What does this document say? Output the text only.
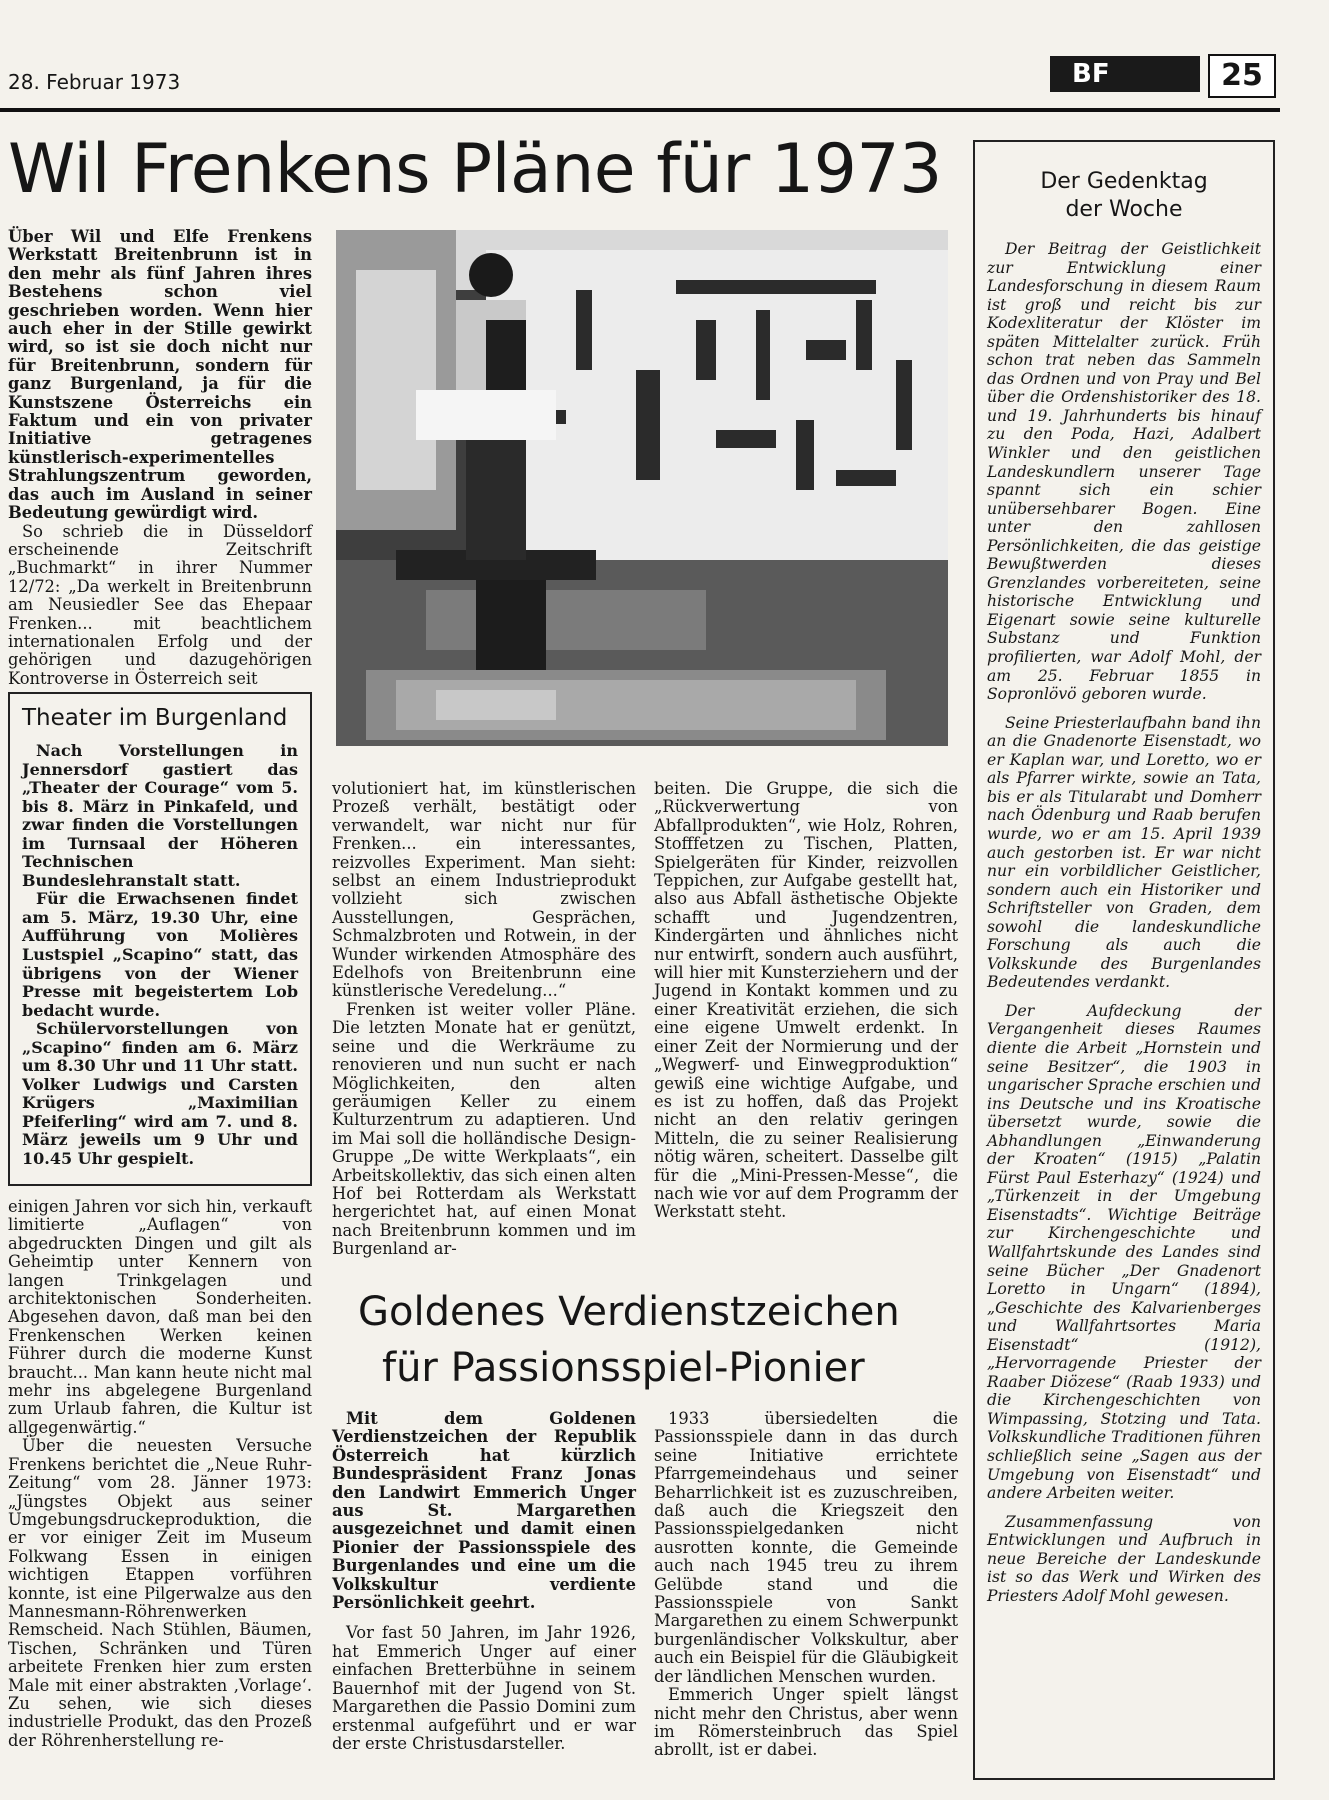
28. Februar 1973	BF	25
Wil Frenkens Pläne für 1973

Über Wil und Elfe Frenkens Werkstatt Breitenbrunn ist in den mehr als fünf Jahren ihres Bestehens schon viel geschrieben worden. Wenn hier auch eher in der Stille gewirkt wird, so ist sie doch nicht nur für Breitenbrunn, sondern für ganz Burgenland, ja für die Kunstszene Österreichs ein Faktum und ein von privater Initiative getragenes künstlerisch-experimentelles Strahlungszentrum geworden, das auch im Ausland in seiner Bedeutung gewürdigt wird.

So schrieb die in Düsseldorf erscheinende Zeitschrift „Buchmarkt“ in ihrer Nummer 12/72: „Da werkelt in Breitenbrunn am Neusiedler See das Ehepaar Frenken... mit beachtlichem internationalen Erfolg und der gehörigen und dazugehörigen Kontroverse in Österreich seit

Theater im Burgenland

Nach Vorstellungen in Jennersdorf gastiert das „Theater der Courage“ vom 5. bis 8. März in Pinkafeld, und zwar finden die Vorstellungen im Turnsaal der Höheren Technischen Bundeslehranstalt statt.

Für die Erwachsenen findet am 5. März, 19.30 Uhr, eine Aufführung von Molières Lustspiel „Scapino“ statt, das übrigens von der Wiener Presse mit begeistertem Lob bedacht wurde.

Schülervorstellungen von „Scapino“ finden am 6. März um 8.30 Uhr und 11 Uhr statt. Volker Ludwigs und Carsten Krügers „Maximilian Pfeiferling“ wird am 7. und 8. März jeweils um 9 Uhr und 10.45 Uhr gespielt.

einigen Jahren vor sich hin, verkauft limitierte „Auflagen“ von abgedruckten Dingen und gilt als Geheimtip unter Kennern von langen Trinkgelagen und architektonischen Sonderheiten. Abgesehen davon, daß man bei den Frenkenschen Werken keinen Führer durch die moderne Kunst braucht... Man kann heute nicht mal mehr ins abgelegene Burgenland zum Urlaub fahren, die Kultur ist allgegenwärtig.“

Über die neuesten Versuche Frenkens berichtet die „Neue Ruhr-Zeitung“ vom 28. Jänner 1973: „Jüngstes Objekt aus seiner Umgebungsdruckeproduktion, die er vor einiger Zeit im Museum Folkwang Essen in einigen wichtigen Etappen vorführen konnte, ist eine Pilgerwalze aus den Mannesmann-Röhrenwerken Remscheid. Nach Stühlen, Bäumen, Tischen, Schränken und Türen arbeitete Frenken hier zum ersten Male mit einer abstrakten ‚Vorlage‘. Zu sehen, wie sich dieses industrielle Produkt, das den Prozeß der Röhrenherstellung re-

volutioniert hat, im künstlerischen Prozeß verhält, bestätigt oder verwandelt, war nicht nur für Frenken... ein interessantes, reizvolles Experiment. Man sieht: selbst an einem Industrieprodukt vollzieht sich zwischen Ausstellungen, Gesprächen, Schmalzbroten und Rotwein, in der Wunder wirkenden Atmosphäre des Edelhofs von Breitenbrunn eine künstlerische Veredelung...“

Frenken ist weiter voller Pläne. Die letzten Monate hat er genützt, seine und die Werkräume zu renovieren und nun sucht er nach Möglichkeiten, den alten geräumigen Keller zu einem Kulturzentrum zu adaptieren. Und im Mai soll die holländische Design-Gruppe „De witte Werkplaats“, ein Arbeitskollektiv, das sich einen alten Hof bei Rotterdam als Werkstatt hergerichtet hat, auf einen Monat nach Breitenbrunn kommen und im Burgenland ar-

beiten. Die Gruppe, die sich die „Rückverwertung von Abfallprodukten“, wie Holz, Rohren, Stofffetzen zu Tischen, Platten, Spielgeräten für Kinder, reizvollen Teppichen, zur Aufgabe gestellt hat, also aus Abfall ästhetische Objekte schafft und Jugendzentren, Kindergärten und ähnliches nicht nur entwirft, sondern auch ausführt, will hier mit Kunsterziehern und der Jugend in Kontakt kommen und zu einer Kreativität erziehen, die sich eine eigene Umwelt erdenkt. In einer Zeit der Normierung und der „Wegwerf- und Einwegproduktion“ gewiß eine wichtige Aufgabe, und es ist zu hoffen, daß das Projekt nicht an den relativ geringen Mitteln, die zu seiner Realisierung nötig wären, scheitert. Dasselbe gilt für die „Mini-Pressen-Messe“, die nach wie vor auf dem Programm der Werkstatt steht.

Goldenes Verdienstzeichen
für Passionsspiel-Pionier

Mit dem Goldenen Verdienstzeichen der Republik Österreich hat kürzlich Bundespräsident Franz Jonas den Landwirt Emmerich Unger aus St. Margarethen ausgezeichnet und damit einen Pionier der Passionsspiele des Burgenlandes und eine um die Volkskultur verdiente Persönlichkeit geehrt.

Vor fast 50 Jahren, im Jahr 1926, hat Emmerich Unger auf einer einfachen Bretterbühne in seinem Bauernhof mit der Jugend von St. Margarethen die Passio Domini zum erstenmal aufgeführt und er war der erste Christusdarsteller.

1933 übersiedelten die Passionsspiele dann in das durch seine Initiative errichtete Pfarrgemeindehaus und seiner Beharrlichkeit ist es zuzuschreiben, daß auch die Kriegszeit den Passionsspielgedanken nicht ausrotten konnte, die Gemeinde auch nach 1945 treu zu ihrem Gelübde stand und die Passionsspiele von Sankt Margarethen zu einem Schwerpunkt burgenländischer Volkskultur, aber auch ein Beispiel für die Gläubigkeit der ländlichen Menschen wurden.

Emmerich Unger spielt längst nicht mehr den Christus, aber wenn im Römersteinbruch das Spiel abrollt, ist er dabei.

Der Gedenktag
der Woche

Der Beitrag der Geistlichkeit zur Entwicklung einer Landesforschung in diesem Raum ist groß und reicht bis zur Kodexliteratur der Klöster im späten Mittelalter zurück. Früh schon trat neben das Sammeln das Ordnen und von Pray und Bel über die Ordenshistoriker des 18. und 19. Jahrhunderts bis hinauf zu den Poda, Hazi, Adalbert Winkler und den geistlichen Landeskundlern unserer Tage spannt sich ein schier unübersehbarer Bogen. Eine unter den zahllosen Persönlichkeiten, die das geistige Bewußtwerden dieses Grenzlandes vorbereiteten, seine historische Entwicklung und Eigenart sowie seine kulturelle Substanz und Funktion profilierten, war Adolf Mohl, der am 25. Februar 1855 in Sopronlövö geboren wurde.

Seine Priesterlaufbahn band ihn an die Gnadenorte Eisenstadt, wo er Kaplan war, und Loretto, wo er als Pfarrer wirkte, sowie an Tata, bis er als Titularabt und Domherr nach Ödenburg und Raab berufen wurde, wo er am 15. April 1939 auch gestorben ist. Er war nicht nur ein vorbildlicher Geistlicher, sondern auch ein Historiker und Schriftsteller von Graden, dem sowohl die landeskundliche Forschung als auch die Volkskunde des Burgenlandes Bedeutendes verdankt.

Der Aufdeckung der Vergangenheit dieses Raumes diente die Arbeit „Hornstein und seine Besitzer“, die 1903 in ungarischer Sprache erschien und ins Deutsche und ins Kroatische übersetzt wurde, sowie die Abhandlungen „Einwanderung der Kroaten“ (1915) „Palatin Fürst Paul Esterhazy“ (1924) und „Türkenzeit in der Umgebung Eisenstadts“. Wichtige Beiträge zur Kirchengeschichte und Wallfahrtskunde des Landes sind seine Bücher „Der Gnadenort Loretto in Ungarn“ (1894), „Geschichte des Kalvarienberges und Wallfahrtsortes Maria Eisenstadt“ (1912), „Hervorragende Priester der Raaber Diözese“ (Raab 1933) und die Kirchengeschichten von Wimpassing, Stotzing und Tata. Volkskundliche Traditionen führen schließlich seine „Sagen aus der Umgebung von Eisenstadt“ und andere Arbeiten weiter.

Zusammenfassung von Entwicklungen und Aufbruch in neue Bereiche der Landeskunde ist so das Werk und Wirken des Priesters Adolf Mohl gewesen.
